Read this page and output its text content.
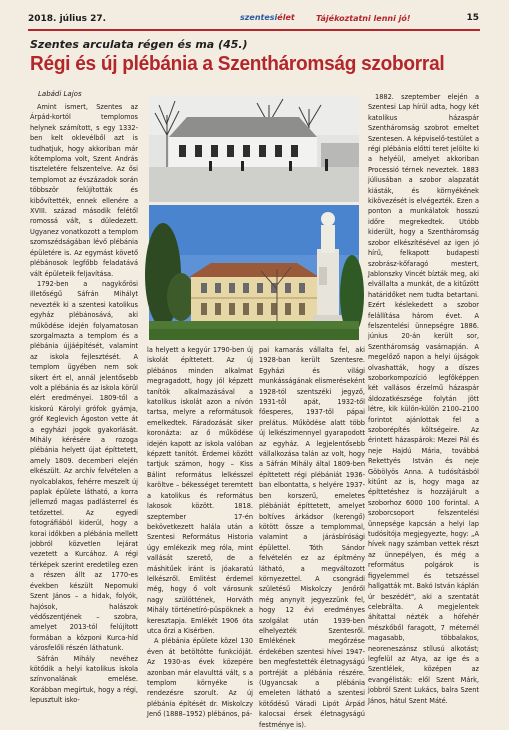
2018. július 27.	szentesiélet	Tájékoztatni lenni jó!	15
Szentes arculata régen és ma (45.)
Régi és új plébánia a Szentháromság szoborral
Labádi Lajos

Amint ismert, Szentes az Árpád-kortól templomos helynek számított, s egy 1332-ben kelt oklevélből azt is tudhatjuk, hogy akkoriban már kőtemploma volt, Szent András tiszteletére felszentelve. Az ősi templomot az évszázadok során többször felújították és kibővítették, ennek ellenére a XVIII. század második felétől romossá vált, s düledezett. Ugyanez vonatkozott a templom szomszédságában lévő plébánia épületére is. Az egymást követő plébánosok legfőbb feladatává vált épületeik feljavítása.

1792-ben a nagykőrösi illetőségű Sáfrán Mihályt nevezték ki a szentesi katolikus egyház plébánosává, aki működése idején folyamatosan szorgalmazta a templom és a plébánia újjáépítését, valamint az iskola fejlesztését. A templom ügyében nem sok sikert ért el, annál jelentősebb volt a plébánia és az iskola körül elért eredményei. 1809-től a kiskorú Károlyi grófok gyámja, gróf Keglevich Ágoston vette át a egyházi jogok gyakorlását. Mihály kérésére a rozoga plébánia helyett újat építtetett, amely 1809. decemberi elején elkészült. Az archív felvételen a nyolcablakos, fehérre meszelt új paplak épülete látható, a korra jellemző magas padlásterrel és tetőzettel. Az egyedi fotográfiából kiderül, hogy a korai időkben a plébánia mellett jobbról közvetlen lejárat vezetett a Kurcához. A régi térképek szerint eredetileg ezen a részen állt az 1770-es években készült Nepomuki Szent János – a hidak, folyók, hajósok, halászok védőszentjének – szobra, amelyet 2013-tól felújított formában a közponi Kurca-híd városfelőli részén láthatunk.

Sáfrán Mihály nevéhez kötődik a helyi katolikus iskola színvonalának emelése. Korábban megírtuk, hogy a régi, lepusztult isko-

la helyett a kegyúr 1790-ben új iskolát építtetett. Az új plébános minden alkalmat megragadott, hogy jól képzett tanítók alkalmazásával a katolikus iskolát azon a nívón tartsa, melyre a reformátusok emelkedtek. Fáradozását siker koronázta: az ő működése idején kapott az iskola valóban képzett tanítót. Érdemei között tartjuk számon, hogy – Kiss Bálint református lelkésszel karöltve – békességet teremtett a katolikus és református lakosok között. 1818. szeptember 17-én bekövetkezett halála után a Szentesi Református Historia úgy emlékezik meg róla, mint vallását szerető, de a máshitűek iránt is jóakaratú lelkészről. Emlitést érdemel még, hogy ő volt városunk nagy szülöttének, Horváth Mihály történetíró-püspöknek a keresztapja. Emlékét 1906 óta utca őrzi a Kisérben.

A plébánia épülete közel 130 éven át betöltötte funkcióját. Az 1930-as évek közepére azonban már elavulttá vált, s a templom környéke is rendezésre szorult. Az új plébánia építését dr. Miskolczy Jenő (1888–1952) plébános, pá-

pai kamarás vállalta fel, aki 1928-ban került Szentesre. Egyházi és világi munkásságának elismeréseként 1928-tól szentszéki jegyző, 1931-től apát, 1932-től főesperes, 1937-től pápai prelátus. Működése alatt több új lelkészimennyel gyarapodott az egyház. A legjelentősebb vállalkozása talán az volt, hogy a Sáfrán Mihály által 1809-ben építtetett régi plébániát 1936-ban elbontatta, s helyére 1937-ben korszerű, emeletes plébániát építtetett, amelyet boltíves árkádsor (kerengő) kötött össze a templommal, valamint a járásbírósági épülettel. Tóth Sándor felvételén ez az építmény látható, a megváltozott környezettel. A csongrádi születésű Miskolczy Jenőről még anynyit jegyezzünk fel, hogy 12 évi eredményes szolgálat után 1939-ben elhelyezték Szentesről. Emlékének megőrzése érdekében szentesi hívei 1947-ben megfestették életnagyságú portréját a plébánia részére. (Ugyancsak a plébánia emeleten látható a szentesi kötődésű Váradi Lipót Árpád kalocsai érsek életnagyságú festménye is).

1882. szeptember elején a Szentesi Lap hírül adta, hogy két katolikus házaspár Szentháromság szobrot emeltet Szentesen. A képviselő-testület a régi plébánia előtti teret jelölte ki a helyéül, amelyet akkoriban Processió térnek neveztek. 1883 júliusában a szobor alapzatát kiásták, és környékének kikövezését is elvégezték. Ezen a ponton a munkálatok hosszú időre megrekedtek. Utóbb kiderült, hogy a Szentháromság szobor elkészítésével az igen jó hírű, felkapott budapesti szobrász-kőfaragó mestert, Jablonszky Vincét bízták meg, aki elvállalta a munkát, de a kitűzött határidőket nem tudta betartani. Ezért késlekedett a szobor felállítása három évet. A felszentelési ünnepségre 1886. június 20-án került sor, Szentháromság vasárnapján. A megelőző napon a helyi újságok olvashatták, hogy a díszes szoborkompozíció legfőképpen két vallásos érzelmű házaspár áldozatkészsége folytán jött létre, kik külön-külön 2100–2100 forintot ajánlottak fel a szoborépítés költségeire. Az érintett házaspárok: Mezei Pál és neje Hajdú Mária, továbbá Rekettyés István és neje Göbölyös Anna. A tudósításból kitűnt az is, hogy maga az építtetéshez is hozzájárult a szoborhoz 6000 100 forintal. A szoborcsoport felszentelési ünnepsége kapcsán a helyi lap tudósítója megjegyezte, hogy: „A hívek nagy számban vettek részt az ünnepélyen, és még a református polgárok is figyelemmel és tetszéssel hallgatták mt. Bakó István káplán úr beszédét", aki a szentatát celebrálta. A megjelentek áhítattal nézték a hófehér mészkőből faragott, 7 méternél magasabb, többalakos, neoreneszánsz stílusú alkotást; legfelül az Atya, az ige és a Szentlélek, középen az evangélisták: elől Szent Márk, jobbról Szent Lukács, balra Szent János, hátul Szent Máté.
